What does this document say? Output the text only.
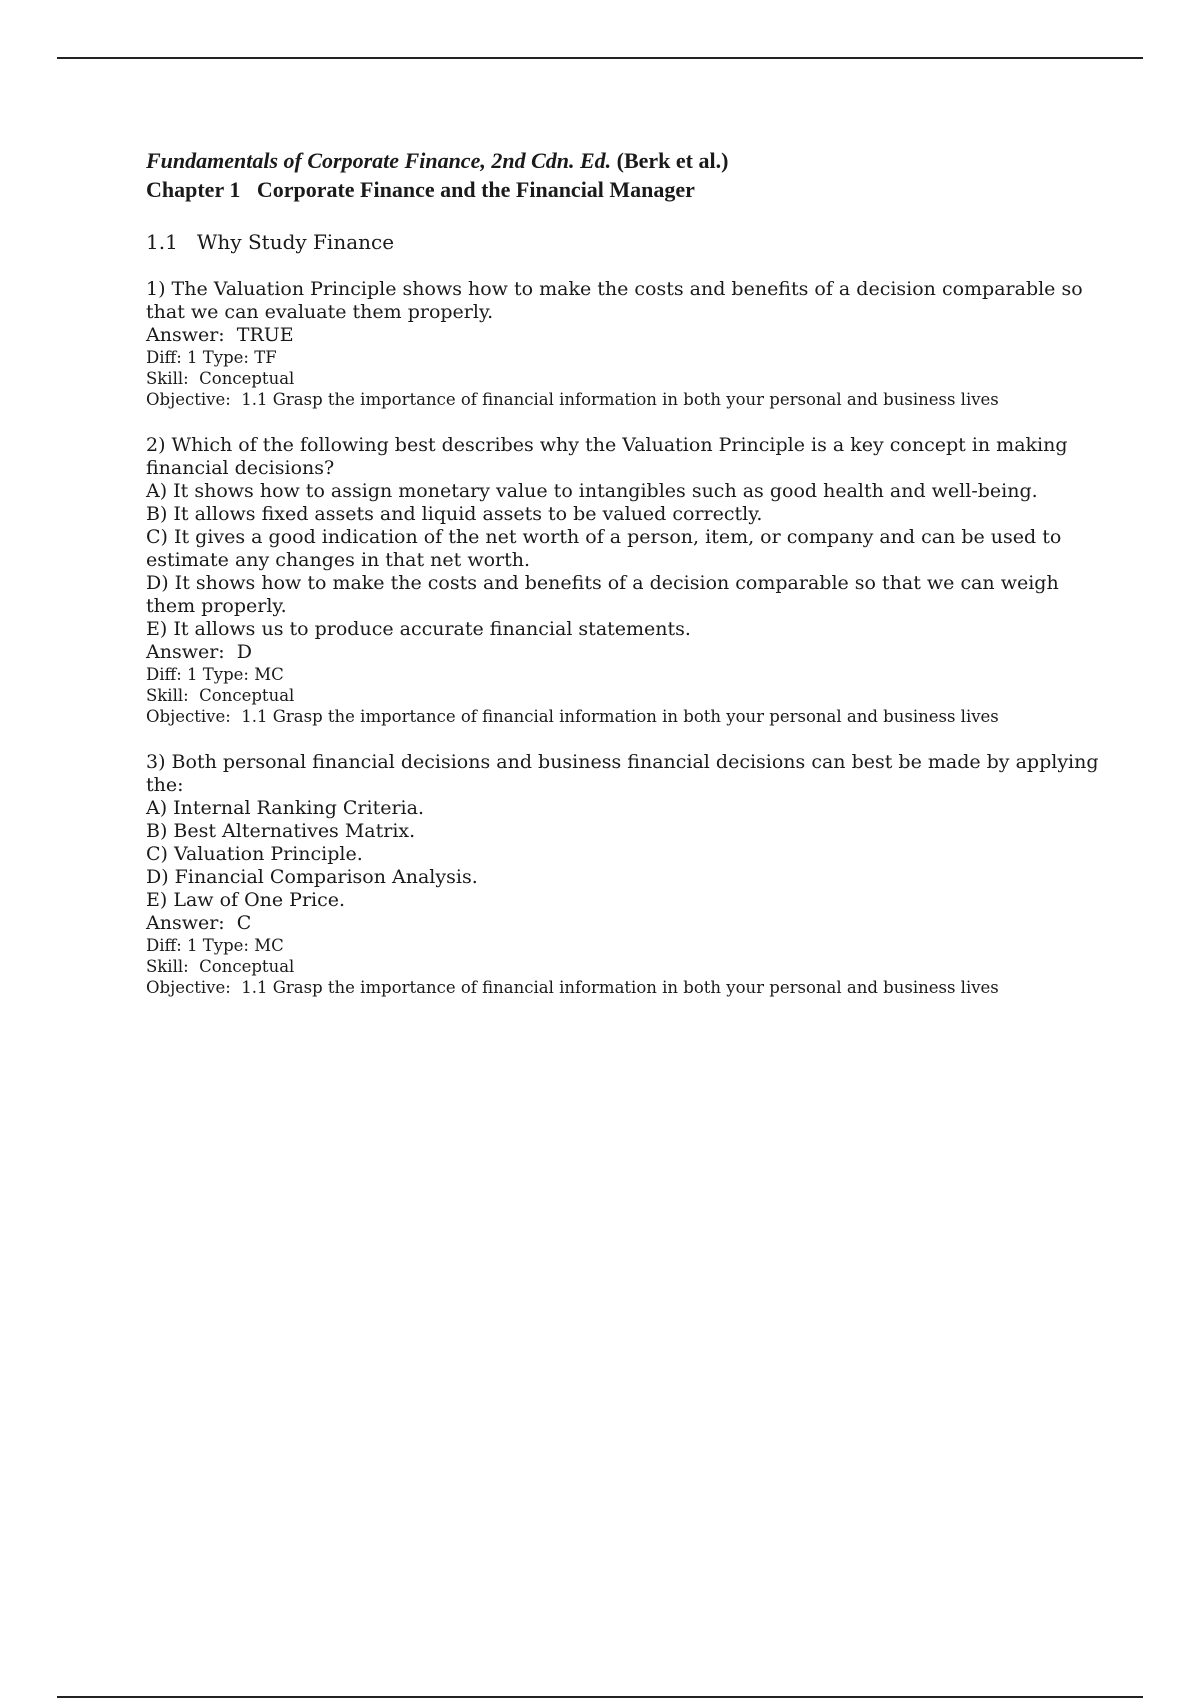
Fundamentals of Corporate Finance, 2nd Cdn. Ed. (Berk et al.)

Chapter 1   Corporate Finance and the Financial Manager

1.1   Why Study Finance

1) The Valuation Principle shows how to make the costs and benefits of a decision comparable so that we can evaluate them properly.

Answer:  TRUE

Diff: 1 Type: TF

Skill:  Conceptual

Objective:  1.1 Grasp the importance of financial information in both your personal and business lives

2) Which of the following best describes why the Valuation Principle is a key concept in making financial decisions?

A) It shows how to assign monetary value to intangibles such as good health and well-being.

B) It allows fixed assets and liquid assets to be valued correctly.

C) It gives a good indication of the net worth of a person, item, or company and can be used to estimate any changes in that net worth.

D) It shows how to make the costs and benefits of a decision comparable so that we can weigh them properly.

E) It allows us to produce accurate financial statements.

Answer:  D

Diff: 1 Type: MC

Skill:  Conceptual

Objective:  1.1 Grasp the importance of financial information in both your personal and business lives

3) Both personal financial decisions and business financial decisions can best be made by applying the:

A) Internal Ranking Criteria.

B) Best Alternatives Matrix.

C) Valuation Principle.

D) Financial Comparison Analysis.

E) Law of One Price.

Answer:  C

Diff: 1 Type: MC

Skill:  Conceptual

Objective:  1.1 Grasp the importance of financial information in both your personal and business lives
